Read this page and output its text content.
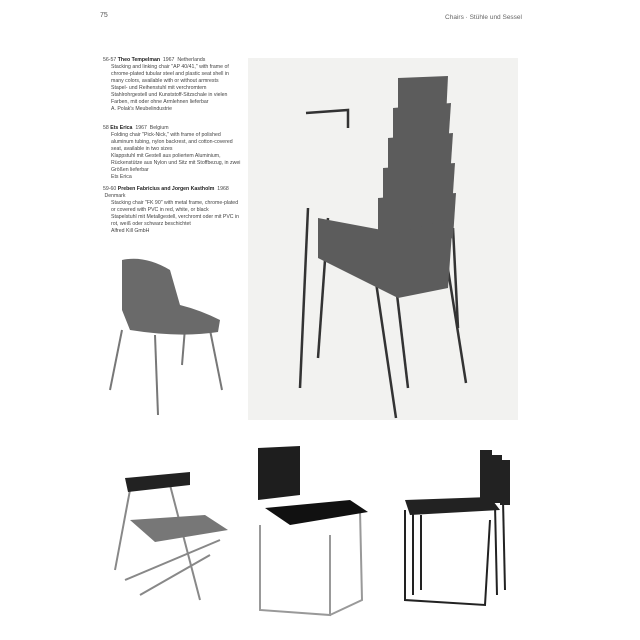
75	Chairs · Stühle und Sessel
56-57 Theo Tempelman 1967 Netherlands

Stacking and linking chair "AP 40/41," with frame of chrome-plated tubular steel and plastic seat shell in many colors, available with or without armrests

Stapel- und Reihenstuhl mit verchromtem Stahlrohrgestell und Kunststoff-Sitzschale in vielen Farben, mit oder ohne Armlehnen lieferbar

A. Polak's Meubelindustrie

58 Ets Erica 1967 Belgium

Folding chair "Pick-Nick," with frame of polished aluminum tubing, nylon backrest, and cotton-covered seat, available in two sizes

Klappstuhl mit Gestell aus poliertem Aluminium, Rückenstütze aus Nylon und Sitz mit Stoffbezug, in zwei Größen lieferbar

Ets Erica

59-60 Preben Fabricius and Jorgen Kastholm 1968  Denmark

Stacking chair "FK 90" with metal frame, chrome-plated or covered with PVC in red, white, or black

Stapelstuhl mit Metallgestell, verchromt oder mit PVC in rot, weiß oder schwarz beschichtet

Alfred Kill GmbH
